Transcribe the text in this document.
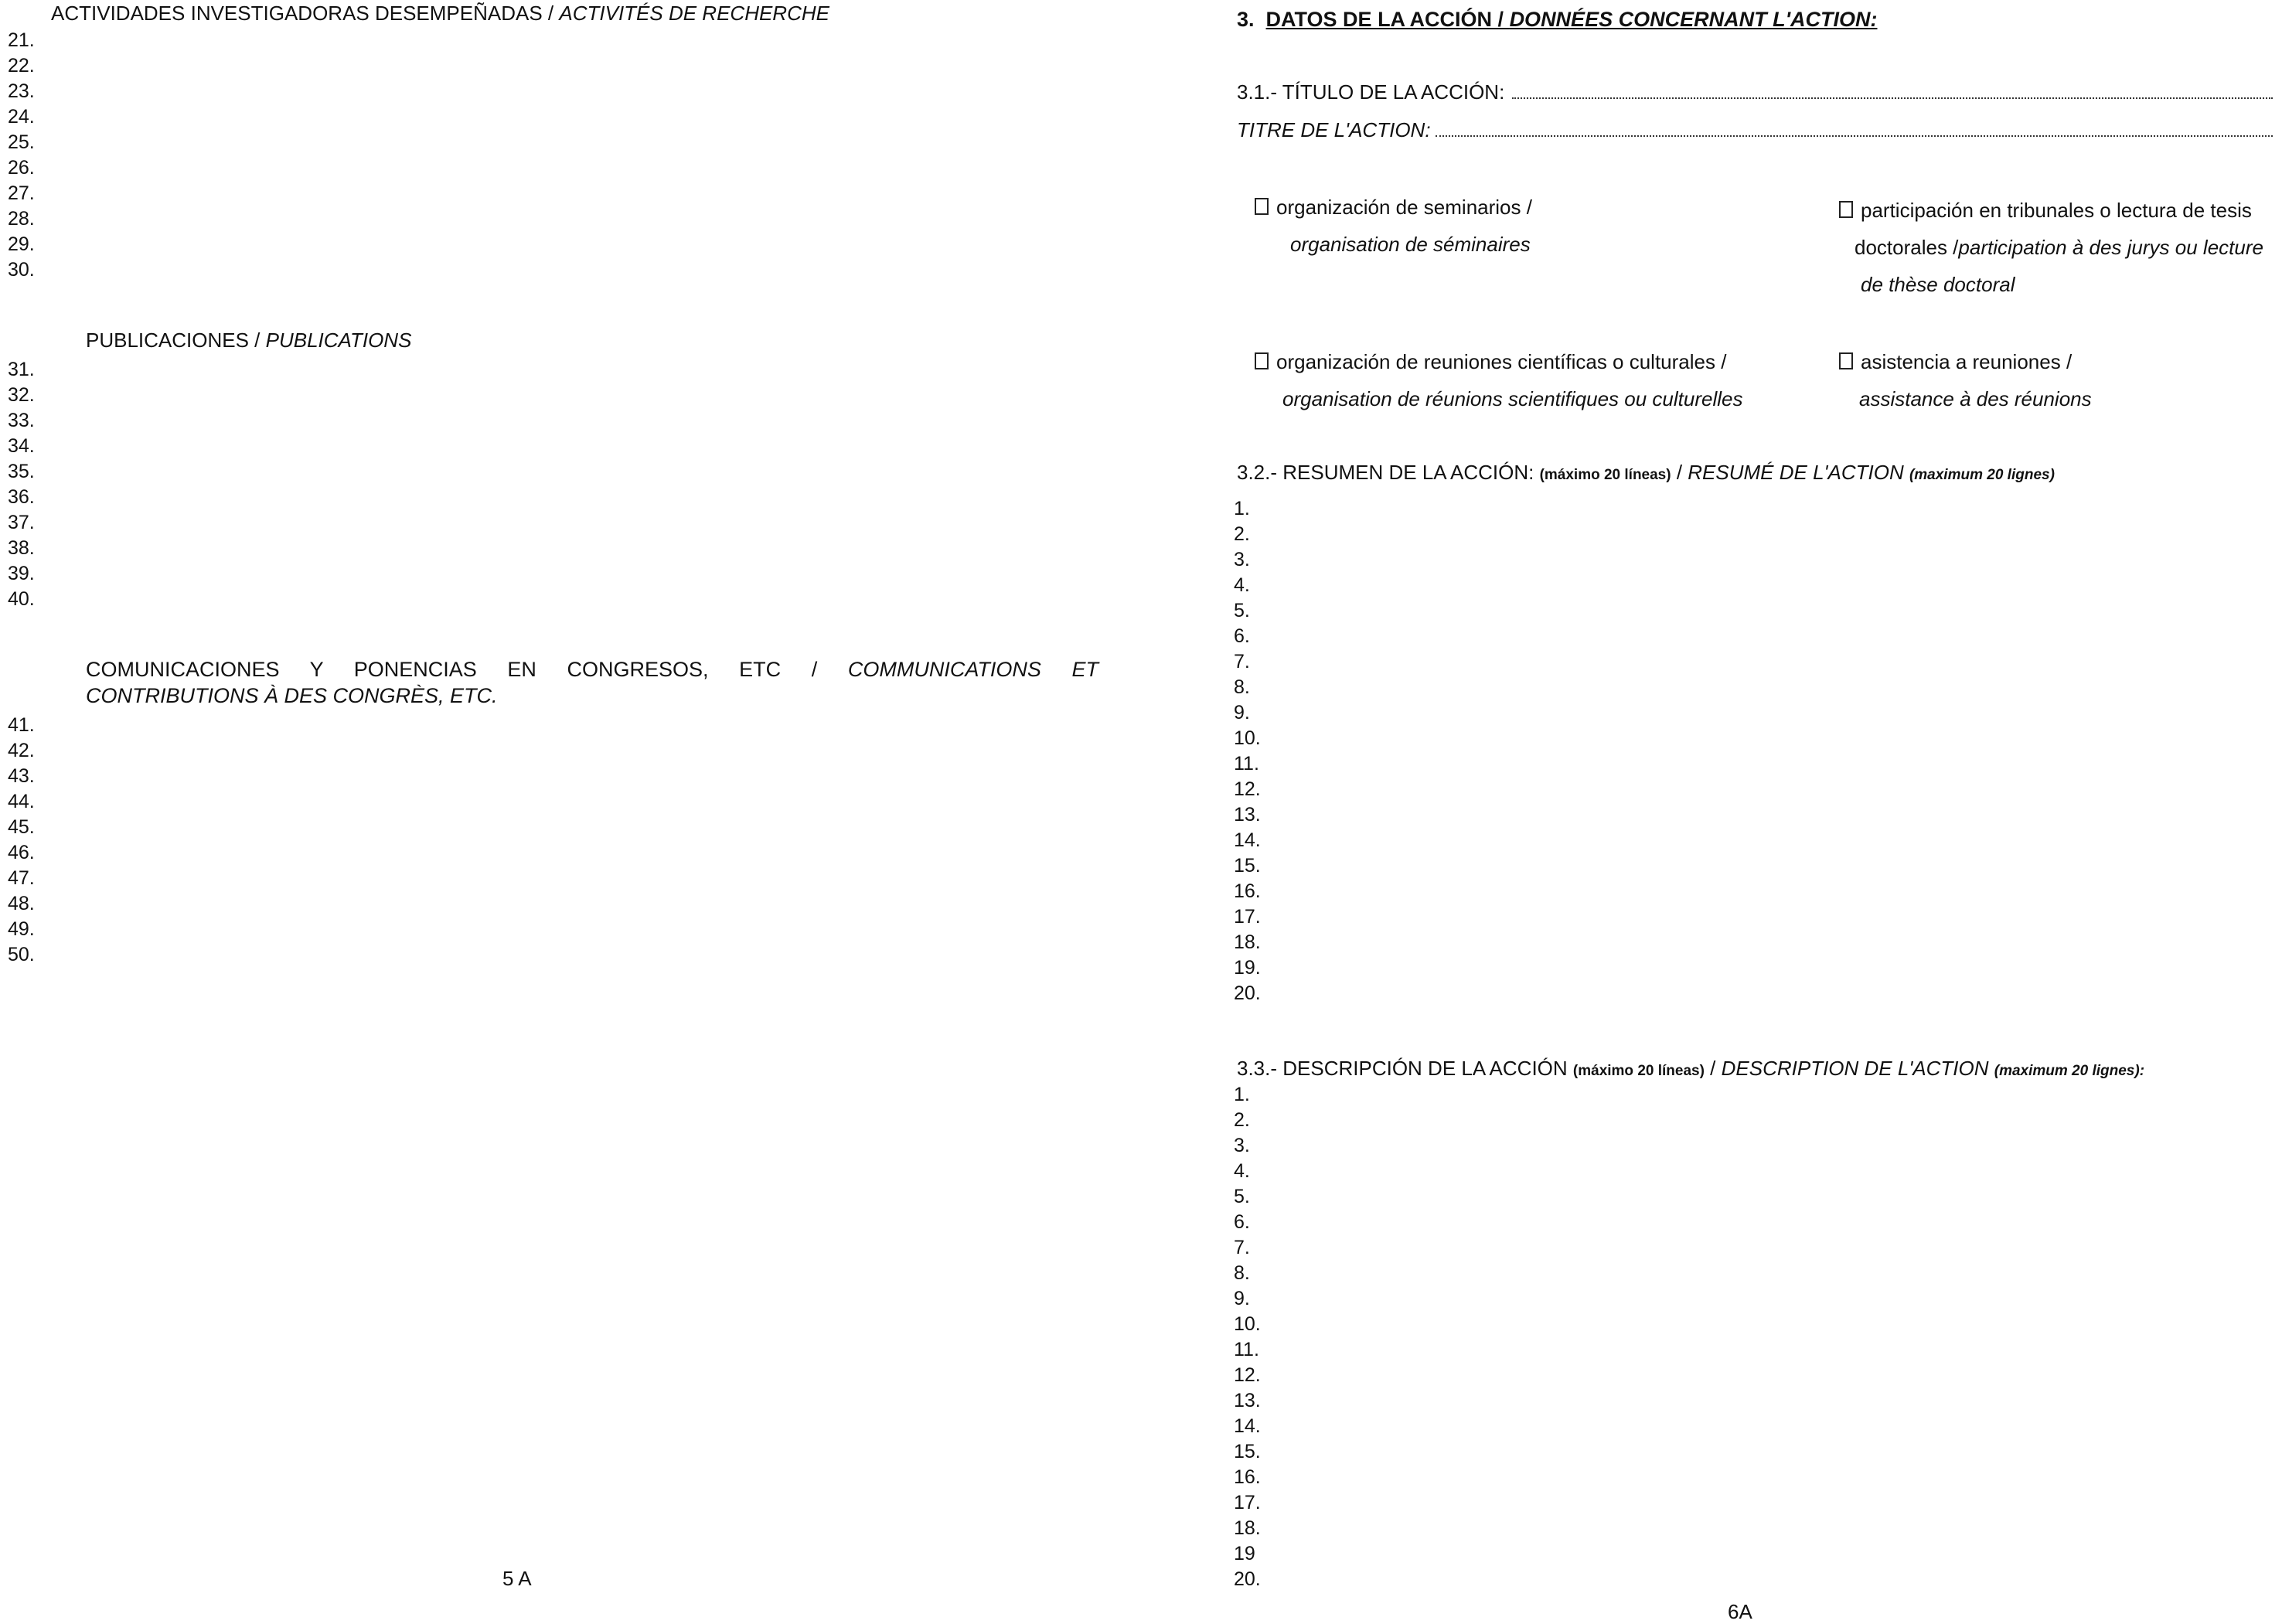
ACTIVIDADES INVESTIGADORAS DESEMPEÑADAS / ACTIVITÉS DE RECHERCHE
21.
22.
23.
24.
25.
26.
27.
28.
29.
30.
PUBLICACIONES / PUBLICATIONS
31.
32.
33.
34.
35.
36.
37.
38.
39.
40.
COMUNICACIONES Y PONENCIAS EN CONGRESOS, ETC / COMMUNICATIONS ET
CONTRIBUTIONS À DES CONGRÈS, ETC.
41.
42.
43.
44.
45.
46.
47.
48.
49.
50.
5 A
3. DATOS DE LA ACCIÓN / DONNÉES CONCERNANT L'ACTION:
3.1.- TÍTULO DE LA ACCIÓN:
TITRE DE L'ACTION:
organización de seminarios /
organisation de séminaires
participación en tribunales o lectura de tesis
doctorales /participation à des jurys ou lecture
de thèse doctoral
organización de reuniones científicas o culturales /
organisation de réunions scientifiques ou culturelles
asistencia a reuniones /
assistance à des réunions
3.2.- RESUMEN DE LA ACCIÓN: (máximo 20 líneas) / RESUMÉ DE L'ACTION (maximum 20 lignes)
1.
2.
3.
4.
5.
6.
7.
8.
9.
10.
11.
12.
13.
14.
15.
16.
17.
18.
19.
20.
3.3.- DESCRIPCIÓN DE LA ACCIÓN (máximo 20 líneas) / DESCRIPTION DE L'ACTION (maximum 20 lignes):
1.
2.
3.
4.
5.
6.
7.
8.
9.
10.
11.
12.
13.
14.
15.
16.
17.
18.
19
20.
6A
